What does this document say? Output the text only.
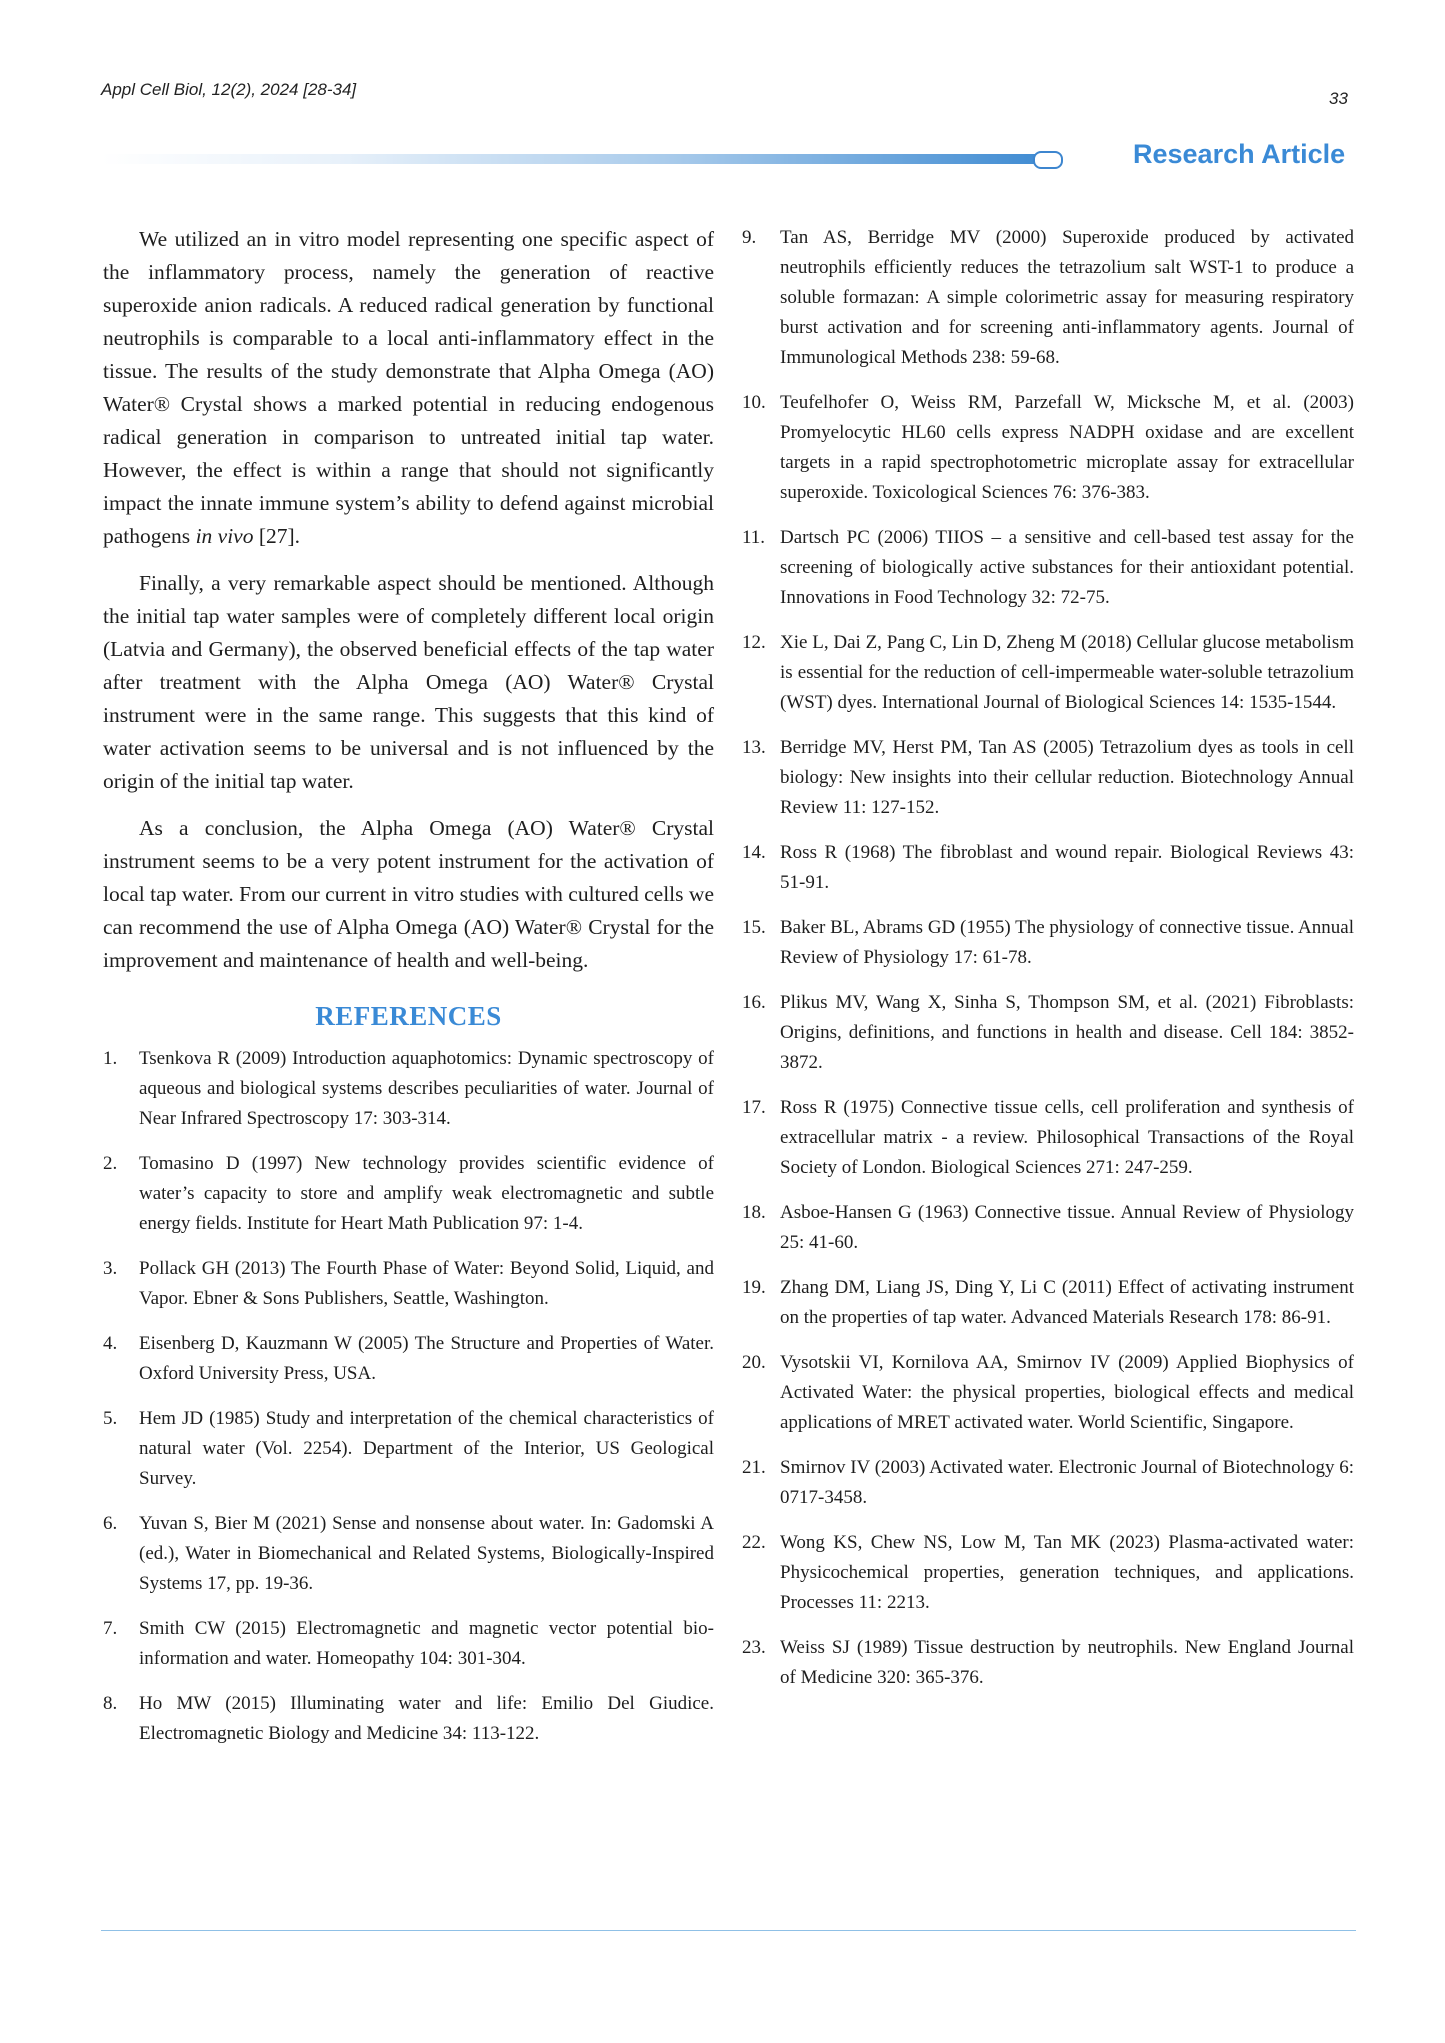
Appl Cell Biol, 12(2), 2024 [28-34]	33
Research Article

We utilized an in vitro model representing one specific aspect of the inflammatory process, namely the generation of reactive superoxide anion radicals. A reduced radical generation by functional neutrophils is comparable to a local anti-inflammatory effect in the tissue. The results of the study demonstrate that Alpha Omega (AO) Water® Crystal shows a marked potential in reducing endogenous radical generation in comparison to untreated initial tap water. However, the effect is within a range that should not significantly impact the innate immune system’s ability to defend against microbial pathogens in vivo [27].

Finally, a very remarkable aspect should be mentioned. Although the initial tap water samples were of completely different local origin (Latvia and Germany), the observed beneficial effects of the tap water after treatment with the Alpha Omega (AO) Water® Crystal instrument were in the same range. This suggests that this kind of water activation seems to be universal and is not influenced by the origin of the initial tap water.

As a conclusion, the Alpha Omega (AO) Water® Crystal instrument seems to be a very potent instrument for the activation of local tap water. From our current in vitro studies with cultured cells we can recommend the use of Alpha Omega (AO) Water® Crystal for the improvement and maintenance of health and well-being.

REFERENCES
1. Tsenkova R (2009) Introduction aquaphotomics: Dynamic spectroscopy of aqueous and biological systems describes peculiarities of water. Journal of Near Infrared Spectroscopy 17: 303-314.
2. Tomasino D (1997) New technology provides scientific evidence of water’s capacity to store and amplify weak electromagnetic and subtle energy fields. Institute for Heart Math Publication 97: 1-4.
3. Pollack GH (2013) The Fourth Phase of Water: Beyond Solid, Liquid, and Vapor. Ebner & Sons Publishers, Seattle, Washington.
4. Eisenberg D, Kauzmann W (2005) The Structure and Properties of Water. Oxford University Press, USA.
5. Hem JD (1985) Study and interpretation of the chemical characteristics of natural water (Vol. 2254). Department of the Interior, US Geological Survey.
6. Yuvan S, Bier M (2021) Sense and nonsense about water. In: Gadomski A (ed.), Water in Biomechanical and Related Systems, Biologically-Inspired Systems 17, pp. 19-36.
7. Smith CW (2015) Electromagnetic and magnetic vector potential bio-information and water. Homeopathy 104: 301-304.
8. Ho MW (2015) Illuminating water and life: Emilio Del Giudice. Electromagnetic Biology and Medicine 34: 113-122.
9. Tan AS, Berridge MV (2000) Superoxide produced by activated neutrophils efficiently reduces the tetrazolium salt WST-1 to produce a soluble formazan: A simple colorimetric assay for measuring respiratory burst activation and for screening anti-inflammatory agents. Journal of Immunological Methods 238: 59-68.
10. Teufelhofer O, Weiss RM, Parzefall W, Micksche M, et al. (2003) Promyelocytic HL60 cells express NADPH oxidase and are excellent targets in a rapid spectrophotometric microplate assay for extracellular superoxide. Toxicological Sciences 76: 376-383.
11. Dartsch PC (2006) TIIOS – a sensitive and cell-based test assay for the screening of biologically active substances for their antioxidant potential. Innovations in Food Technology 32: 72-75.
12. Xie L, Dai Z, Pang C, Lin D, Zheng M (2018) Cellular glucose metabolism is essential for the reduction of cell-impermeable water-soluble tetrazolium (WST) dyes. International Journal of Biological Sciences 14: 1535-1544.
13. Berridge MV, Herst PM, Tan AS (2005) Tetrazolium dyes as tools in cell biology: New insights into their cellular reduction. Biotechnology Annual Review 11: 127-152.
14. Ross R (1968) The fibroblast and wound repair. Biological Reviews 43: 51-91.
15. Baker BL, Abrams GD (1955) The physiology of connective tissue. Annual Review of Physiology 17: 61-78.
16. Plikus MV, Wang X, Sinha S, Thompson SM, et al. (2021) Fibroblasts: Origins, definitions, and functions in health and disease. Cell 184: 3852-3872.
17. Ross R (1975) Connective tissue cells, cell proliferation and synthesis of extracellular matrix - a review. Philosophical Transactions of the Royal Society of London. Biological Sciences 271: 247-259.
18. Asboe-Hansen G (1963) Connective tissue. Annual Review of Physiology 25: 41-60.
19. Zhang DM, Liang JS, Ding Y, Li C (2011) Effect of activating instrument on the properties of tap water. Advanced Materials Research 178: 86-91.
20. Vysotskii VI, Kornilova AA, Smirnov IV (2009) Applied Biophysics of Activated Water: the physical properties, biological effects and medical applications of MRET activated water. World Scientific, Singapore.
21. Smirnov IV (2003) Activated water. Electronic Journal of Biotechnology 6: 0717-3458.
22. Wong KS, Chew NS, Low M, Tan MK (2023) Plasma-activated water: Physicochemical properties, generation techniques, and applications. Processes 11: 2213.
23. Weiss SJ (1989) Tissue destruction by neutrophils. New England Journal of Medicine 320: 365-376.
